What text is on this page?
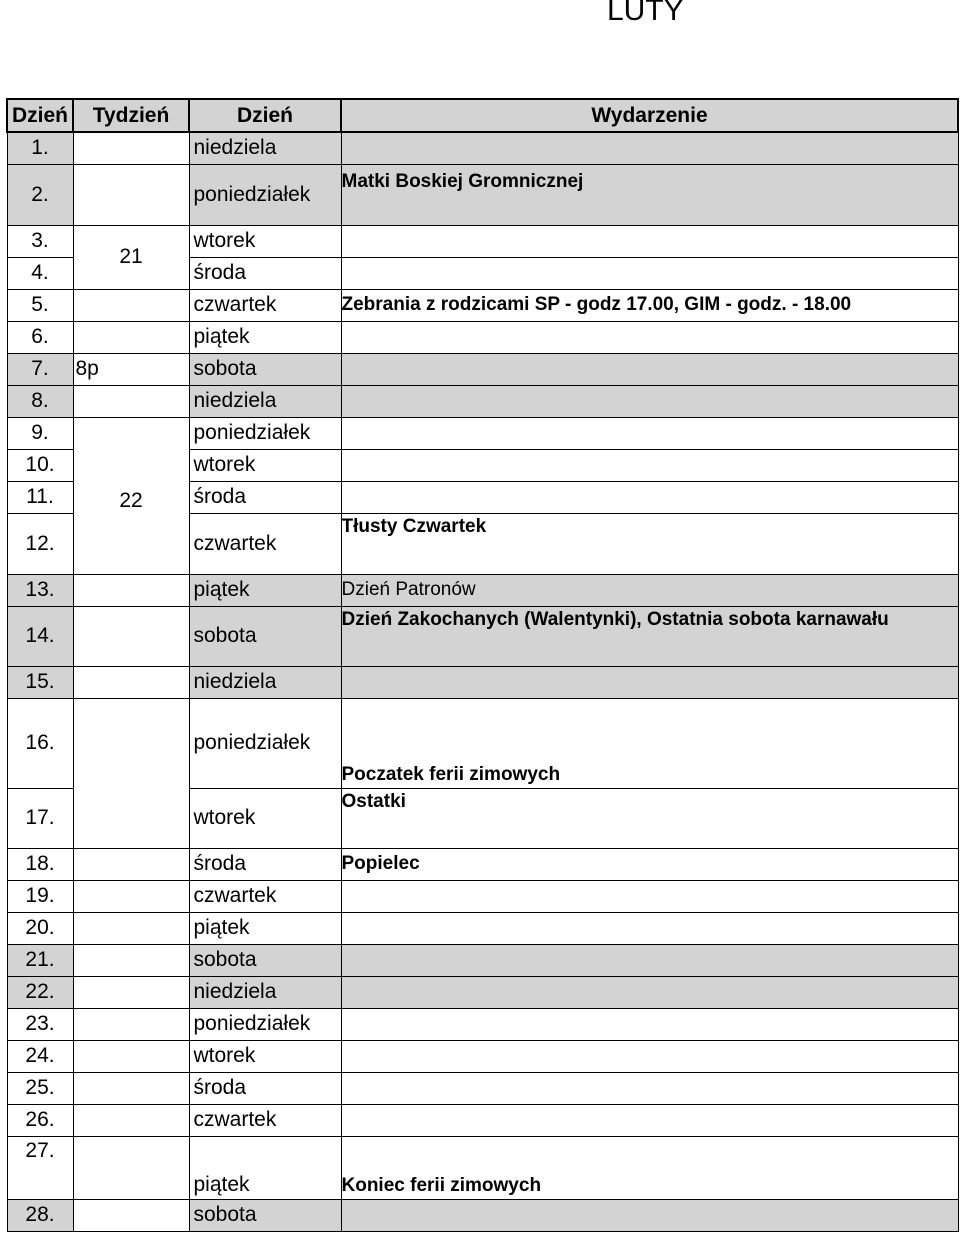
LUTY
Dzień	Tydzień	Dzień	Wydarzenie
1.		niedziela	

2.		poniedziałek	Matki Boskiej Gromnicznej
3.	21	wtorek	

4.		środa	

5.		czwartek	Zebrania z rodzicami SP - godz 17.00, GIM - godz. - 18.00
6.		piątek	

7.	8p	sobota	

8.		niedziela	

9.	22	poniedziałek	

10.		wtorek	

11.		środa	

12.		czwartek	Tłusty Czwartek
13.		piątek	Dzień Patronów
14.		sobota	Dzień Zakochanych (Walentynki), Ostatnia sobota karnawału
15.		niedziela	

16.		poniedziałek	Poczatek ferii zimowych
17.		wtorek	Ostatki
18.		środa	Popielec
19.		czwartek	

20.		piątek	

21.		sobota	

22.		niedziela	

23.		poniedziałek	

24.		wtorek	

25.		środa	

26.		czwartek	

27.		piątek	Koniec ferii zimowych
28.		sobota	
